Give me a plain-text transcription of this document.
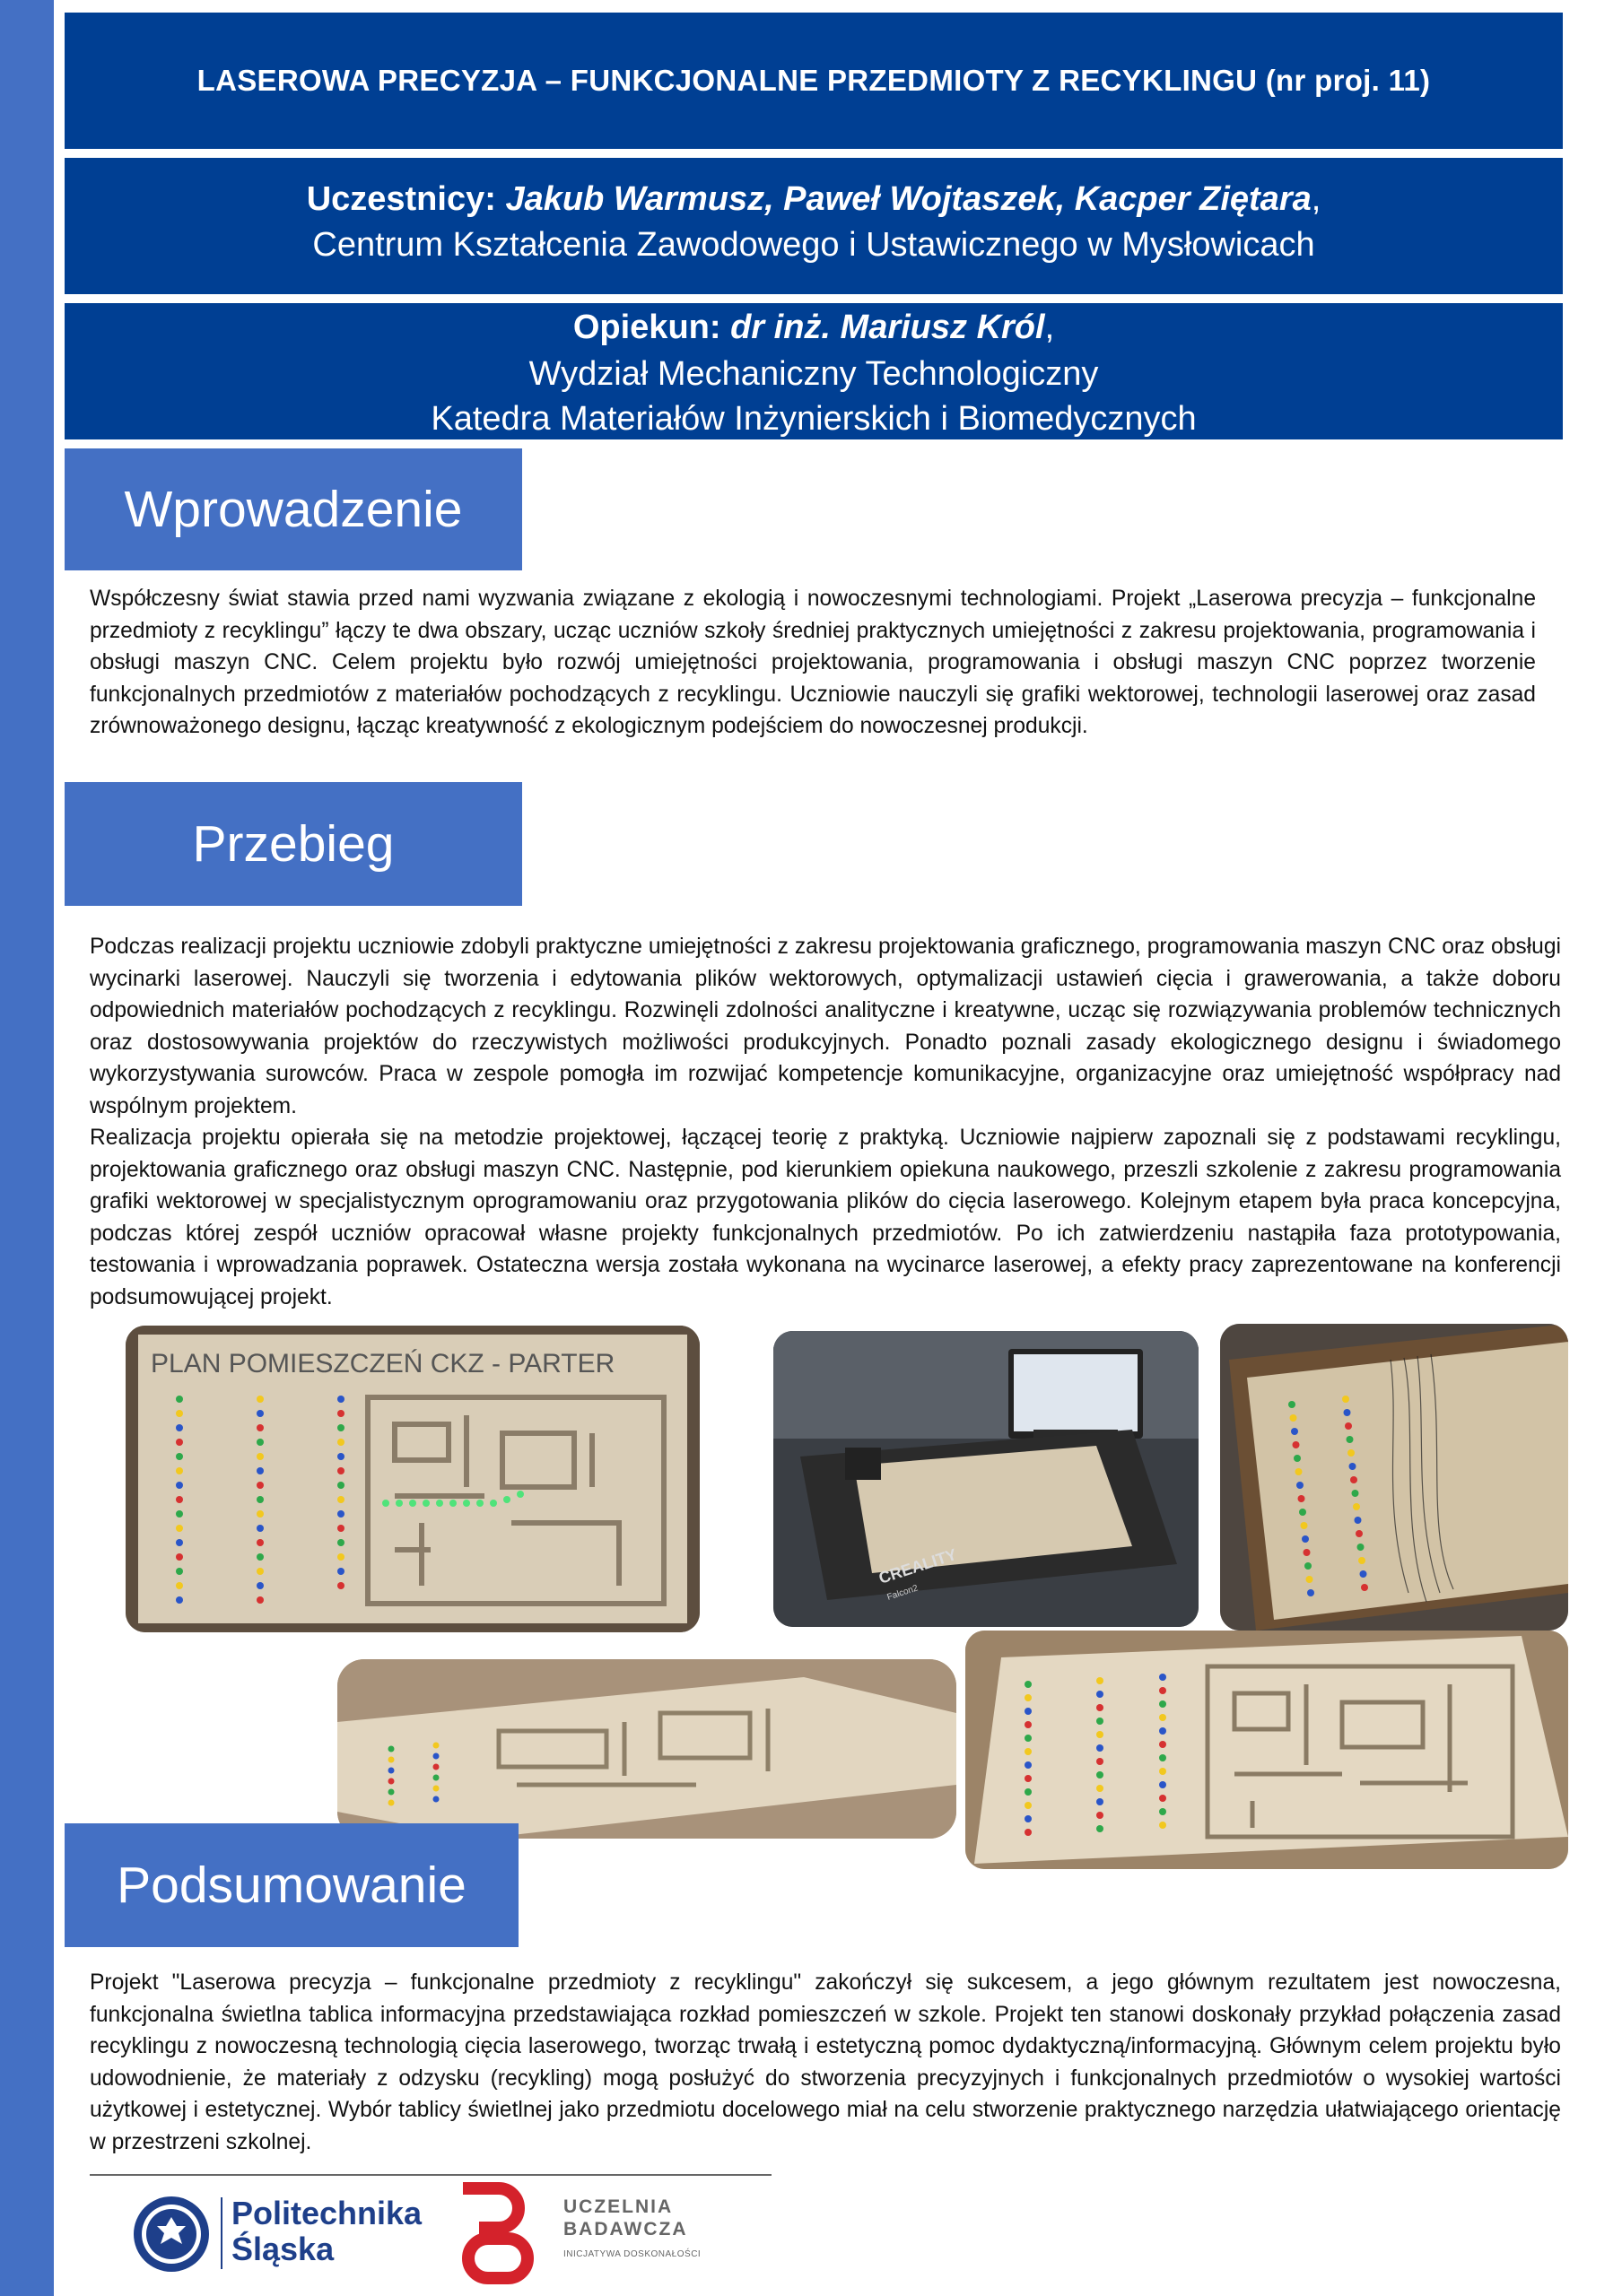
LASEROWA PRECYZJA – FUNKCJONALNE PRZEDMIOTY Z RECYKLINGU (nr proj. 11)
Uczestnicy: Jakub Warmusz, Paweł Wojtaszek, Kacper Ziętara,
Centrum Kształcenia Zawodowego i Ustawicznego w Mysłowicach
Opiekun: dr inż. Mariusz Król,
Wydział Mechaniczny Technologiczny
Katedra Materiałów Inżynierskich i Biomedycznych
Wprowadzenie

Współczesny świat stawia przed nami wyzwania związane z ekologią i nowoczesnymi technologiami. Projekt „Laserowa precyzja – funkcjonalne przedmioty z recyklingu” łączy te dwa obszary, ucząc uczniów szkoły średniej praktycznych umiejętności z zakresu projektowania, programowania i obsługi maszyn CNC. Celem projektu było rozwój umiejętności projektowania, programowania i obsługi maszyn CNC poprzez tworzenie funkcjonalnych przedmiotów z materiałów pochodzących z recyklingu. Uczniowie nauczyli się grafiki wektorowej, technologii laserowej oraz zasad zrównoważonego designu, łącząc kreatywność z ekologicznym podejściem do nowoczesnej produkcji.

Przebieg

Podczas realizacji projektu uczniowie zdobyli praktyczne umiejętności z zakresu projektowania graficznego, programowania maszyn CNC oraz obsługi wycinarki laserowej. Nauczyli się tworzenia i edytowania plików wektorowych, optymalizacji ustawień cięcia i grawerowania, a także doboru odpowiednich materiałów pochodzących z recyklingu. Rozwinęli zdolności analityczne i kreatywne, ucząc się rozwiązywania problemów technicznych oraz dostosowywania projektów do rzeczywistych możliwości produkcyjnych. Ponadto poznali zasady ekologicznego designu i świadomego wykorzystywania surowców. Praca w zespole pomogła im rozwijać kompetencje komunikacyjne, organizacyjne oraz umiejętność współpracy nad wspólnym projektem.

Realizacja projektu opierała się na metodzie projektowej, łączącej teorię z praktyką. Uczniowie najpierw zapoznali się z podstawami recyklingu, projektowania graficznego oraz obsługi maszyn CNC. Następnie, pod kierunkiem opiekuna naukowego, przeszli szkolenie z zakresu programowania grafiki wektorowej w specjalistycznym oprogramowaniu oraz przygotowania plików do cięcia laserowego. Kolejnym etapem była praca koncepcyjna, podczas której zespół uczniów opracował własne projekty funkcjonalnych przedmiotów. Po ich zatwierdzeniu nastąpiła faza prototypowania, testowania i wprowadzania poprawek. Ostateczna wersja została wykonana na wycinarce laserowej, a efekty pracy zaprezentowane na konferencji podsumowującej projekt.

PLAN POMIESZCZEŃ CKZ - PARTER
CREALITY
Falcon2
Podsumowanie

Projekt "Laserowa precyzja – funkcjonalne przedmioty z recyklingu" zakończył się sukcesem, a jego głównym rezultatem jest nowoczesna, funkcjonalna świetlna tablica informacyjna przedstawiająca rozkład pomieszczeń w szkole. Projekt ten stanowi doskonały przykład połączenia zasad recyklingu z nowoczesną technologią cięcia laserowego, tworząc trwałą i estetyczną pomoc dydaktyczną/informacyjną. Głównym celem projektu było udowodnienie, że materiały z odzysku (recykling) mogą posłużyć do stworzenia precyzyjnych i funkcjonalnych przedmiotów o wysokiej wartości użytkowej i estetycznej. Wybór tablicy świetlnej jako przedmiotu docelowego miał na celu stworzenie praktycznego narzędzia ułatwiającego orientację w przestrzeni szkolnej.

Politechnika
Śląska
UCZELNIA
BADAWCZA
INICJATYWA DOSKONAŁOŚCI
